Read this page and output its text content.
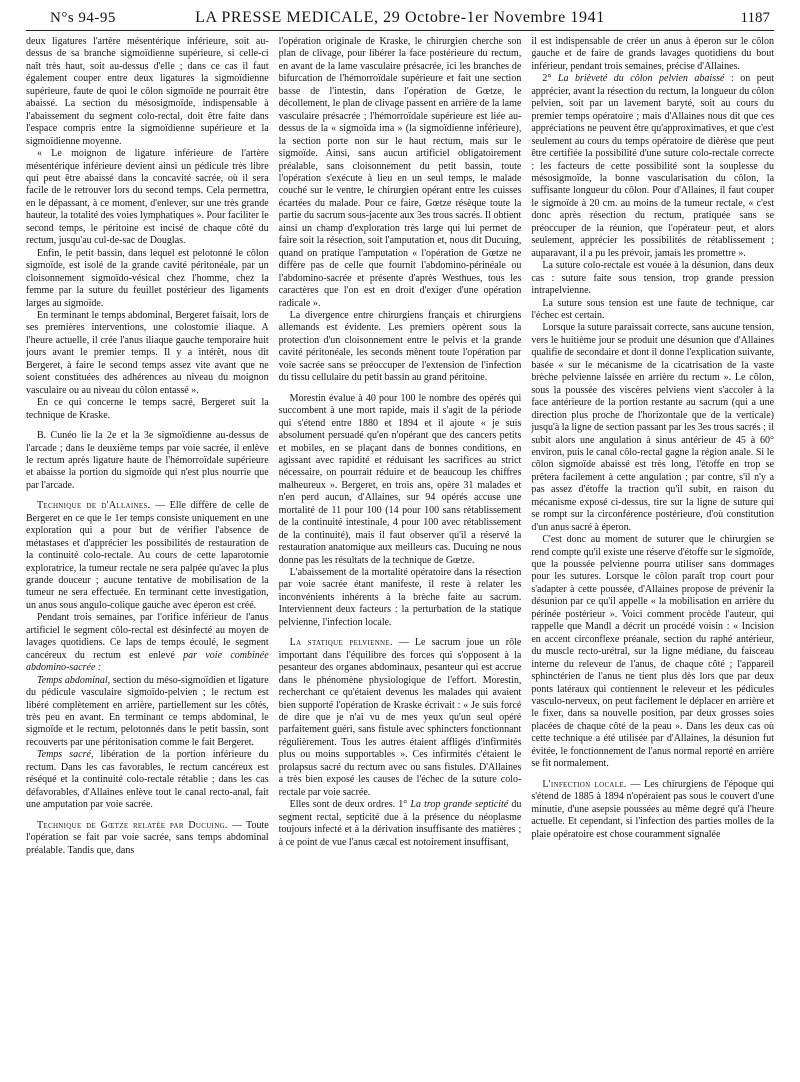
N°s 94-95	LA PRESSE MEDICALE, 29 Octobre-1er Novembre 1941	1187

deux ligatures l'artère mésentérique inférieure, soit au-dessus de sa branche sigmoïdienne supérieure, si celle-ci naît très haut, soit au-dessus d'elle ; dans ce cas il faut également couper entre deux ligatures la sigmoïdienne supérieure, faute de quoi le côlon sigmoïde ne pourrait être abaissé. La section du mésosigmoïde, indispensable à l'abaissement du segment colo-rectal, doit être faite dans l'espace compris entre la sigmoïdienne supérieure et la sigmoïdienne moyenne.

« Le moignon de ligature inférieure de l'artère mésentérique inférieure devient ainsi un pédicule très libre qui peut être abaissé dans la concavité sacrée, où il sera facile de le retrouver lors du second temps. Cela permettra, en le dépassant, à ce moment, d'enlever, sur une très grande hauteur, la totalité des voies lymphatiques ». Pour faciliter le second temps, le péritoine est incisé de chaque côté du rectum, jusqu'au cul-de-sac de Douglas.

Enfin, le petit bassin, dans lequel est pelotonné le côlon sigmoïde, est isolé de la grande cavité péritonéale, par un cloisonnement sigmoïdo-vésical chez l'homme, chez la femme par la suture du feuillet postérieur des ligaments larges au sigmoïde.

En terminant le temps abdominal, Bergeret faisait, lors de ses premières interventions, une colostomie iliaque. A l'heure actuelle, il crée l'anus iliaque gauche temporaire huit jours avant le premier temps. Il y a intérêt, nous dit Bergeret, à faire le second temps assez vite avant que ne soient constituées des adhérences au niveau du moignon vasculaire ou au niveau du côlon entassé ».

En ce qui concerne le temps sacré, Bergeret suit la technique de Kraske.

B. Cunéo lie la 2e et la 3e sigmoïdienne au-dessus de l'arcade ; dans le deuxième temps par voie sacrée, il enlève le rectum après ligature haute de l'hémorroïdale supérieure et abaisse la portion du sigmoïde qui n'est plus nourrie que par l'arcade.

Technique de d'Allaines. — Elle diffère de celle de Bergeret en ce que le 1er temps consiste uniquement en une exploration qui a pour but de vérifier l'absence de métastases et d'apprécier les possibilités de restauration de la continuité colo-rectale. Au cours de cette laparotomie exploratrice, la tumeur rectale ne sera palpée qu'avec la plus grande douceur ; aucune tentative de mobilisation de la tumeur ne sera effectuée. En terminant cette investigation, un anus sous angulo-colique gauche avec éperon est créé.

Pendant trois semaines, par l'orifice inférieur de l'anus artificiel le segment côlo-rectal est désinfecté au moyen de lavages quotidiens. Ce laps de temps écoulé, le segment cancéreux du rectum est enlevé par voie combinée abdomino-sacrée :

Temps abdominal, section du méso-sigmoïdien et ligature du pédicule vasculaire sigmoïdo-pelvien ; le rectum est libéré complètement en arrière, partiellement sur les côtés, très peu en avant. En terminant ce temps abdominal, le sigmoïde et le rectum, pelotonnés dans le petit bassin, sont recouverts par une péritonisation comme le fait Bergeret.

Temps sacré, libération de la portion inférieure du rectum. Dans les cas favorables, le rectum cancéreux est réséqué et la continuité colo-rectale rétablie ; dans les cas défavorables, d'Allaines enlève tout le canal recto-anal, fait une amputation par voie sacrée.

Technique de Gœtze relatée par Ducuing. — Toute l'opération se fait par voie sacrée, sans temps abdominal préalable. Tandis que, dans

l'opération originale de Kraske, le chirurgien cherche son plan de clivage, pour libérer la face postérieure du rectum, en avant de la lame vasculaire présacrée, ici les branches de bifurcation de l'hémorroïdale supérieure et fait une section basse de l'intestin, dans l'opération de Gœtze, le décollement, le plan de clivage passent en arrière de la lame vasculaire présacrée ; l'hémorroïdale supérieure est liée au-dessus de la « sigmoïda ima » (la sigmoïdienne inférieure), la section porte non sur le haut rectum, mais sur le sigmoïde. Ainsi, sans aucun artificiel obligatoirement préalable, sans cloisonnement du petit bassin, toute l'opération s'exécute à lieu en un seul temps, le malade couché sur le ventre, le chirurgien opérant entre les cuisses écartées du malade. Pour ce faire, Gœtze résèque toute la partie du sacrum sous-jacente aux 3es trous sacrés. Il obtient ainsi un champ d'exploration très large qui lui permet de faire soit la résection, soit l'amputation et, nous dit Ducuing, quand on pratique l'amputation « l'opération de Gœtze ne diffère pas de celle que fournit l'abdomino-périnéale ou l'abdomino-sacrée et présente d'après Westhues, tous les caractères que l'on est en droit d'exiger d'une opération radicale ».

La divergence entre chirurgiens français et chirurgiens allemands est évidente. Les premiers opèrent sous la protection d'un cloisonnement entre le pelvis et la grande cavité péritonéale, les seconds mènent toute l'opération par voie sacrée sans se préoccuper de l'extension de l'infection du tissu cellulaire du petit bassin au grand péritoine.

Morestin évalue à 40 pour 100 le nombre des opérés qui succombent à une mort rapide, mais il s'agit de la période qui s'étend entre 1880 et 1894 et il ajoute « je suis absolument persuadé qu'en n'opérant que des cancers petits et mobiles, en se plaçant dans de bonnes conditions, en agissant avec rapidité et réduisant les sacrifices au strict nécessaire, on pourrait réduire et de beaucoup les chiffres malheureux ». Bergeret, en trois ans, opère 31 malades et n'en perd aucun, d'Allaines, sur 94 opérés accuse une mortalité de 11 pour 100 (14 pour 100 sans rétablissement de la continuité intestinale, 4 pour 100 avec rétablissement de la continuité), mais il faut observer qu'il a réservé la restauration anatomique aux meilleurs cas. Ducuing ne nous donne pas les résultats de la technique de Gœtze.

L'abaissement de la mortalité opératoire dans la résection par voie sacrée étant manifeste, il reste à relater les inconvénients inhérents à la brèche faite au sacrum. Interviennent deux facteurs : la perturbation de la statique pelvienne, l'infection locale.

La statique pelvienne. — Le sacrum joue un rôle important dans l'équilibre des forces qui s'opposent à la pesanteur des organes abdominaux, pesanteur qui est accrue dans le phénomène physiologique de l'effort. Morestin, recherchant ce qu'étaient devenus les malades qui avaient bien supporté l'opération de Kraske écrivait : « Je suis forcé de dire que je n'ai vu de mes yeux qu'un seul opéré parfaitement guéri, sans fistule avec sphincters fonctionnant régulièrement. Tous les autres étaient affligés d'infirmités plus ou moins supportables ». Ces infirmités c'étaient le prolapsus sacré du rectum avec ou sans fistules. D'Allaines a très bien exposé les causes de l'échec de la suture colo-rectale par voie sacrée.

Elles sont de deux ordres. 1° La trop grande septicité du segment rectal, septicité due à la présence du néoplasme toujours infecté et à la dérivation insuffisante des matières ; à ce point de vue l'anus cæcal est notoirement insuffisant,

il est indispensable de créer un anus à éperon sur le côlon gauche et de faire de grands lavages quotidiens du bout inférieur, pendant trois semaines, précise d'Allaines.

2° La brièveté du côlon pelvien abaissé : on peut apprécier, avant la résection du rectum, la longueur du côlon pelvien, soit par un lavement baryté, soit au cours du premier temps opératoire ; mais d'Allaines nous dit que ces appréciations ne peuvent être qu'approximatives, et que c'est seulement au cours du temps opératoire de dièrèse que peut être certifiée la possibilité d'une suture colo-rectale correcte : les facteurs de cette possibilité sont la souplesse du mésosigmoïde, la bonne vascularisation du côlon, la suffisante longueur du côlon. Pour d'Allaines, il faut couper le sigmoïde à 20 cm. au moins de la tumeur rectale, « c'est donc après résection du rectum, pratiquée sans se préoccuper de la réunion, que l'opérateur peut, et alors seulement, apprécier les possibilités de rétablissement ; auparavant, il a pu les prévoir, jamais les promettre ».

La suture colo-rectale est vouée à la désunion, dans deux cas : suture faite sous tension, trop grande pression intrapelvienne.

La suture sous tension est une faute de technique, car l'échec est certain.

Lorsque la suture paraissait correcte, sans aucune tension, vers le huitième jour se produit une désunion que d'Allaines qualifie de secondaire et dont il donne l'explication suivante, basée « sur le mécanisme de la cicatrisation de la vaste brèche pelvienne laissée en arrière du rectum ». Le côlon, sous la poussée des viscères pelviens vient s'accoler à la face antérieure de la portion restante au sacrum (qui a une direction plus proche de l'horizontale que de la verticale) jusqu'à la ligne de section passant par les 3es trous sacrés ; il subit alors une angulation à sinus antérieur de 45 à 60° environ, puis le canal côlo-rectal gagne la région anale. Si le côlon sigmoïde abaissé est très long, l'étoffe en trop se prêtera facilement à cette angulation ; par contre, s'il n'y a pas assez d'étoffe la traction qu'il subit, en raison du mécanisme exposé ci-dessus, tire sur la ligne de suture qui se rompt sur la circonférence postérieure, d'où constitution d'un anus sacré à éperon.

C'est donc au moment de suturer que le chirurgien se rend compte qu'il existe une réserve d'étoffe sur le sigmoïde, que la poussée pelvienne pourra utiliser sans dommages pour les sutures. Lorsque le côlon paraît trop court pour s'adapter à cette poussée, d'Allaines propose de prévenir la désunion par ce qu'il appelle « la mobilisation en arrière du périnée postérieur ». Voici comment procède l'auteur, qui rappelle que Mandl a décrit un procédé voisin : « Incision en accent circonflexe préanale, section du raphé antérieur, du muscle recto-urétral, sur la ligne médiane, du faisceau interne du releveur de l'anus, de chaque côté ; l'appareil sphinctérien de l'anus ne tient plus dès lors que par deux ponts latéraux qui contiennent le releveur et les pédicules vasculo-nerveux, on peut facilement le déplacer en arrière et le fixer, dans sa nouvelle position, par deux grosses soies placées de chaque côté de la peau ». Dans les deux cas où cette technique a été utilisée par d'Allaines, la désunion fut évitée, le fonctionnement de l'anus normal reporté en arrière se fit normalement.

L'infection locale. — Les chirurgiens de l'époque qui s'étend de 1885 à 1894 n'opéraient pas sous le couvert d'une minutie, d'une asepsie poussées au même degré qu'à l'heure actuelle. Et cependant, si l'infection des parties molles de la plaie opératoire est chose couramment signalée
